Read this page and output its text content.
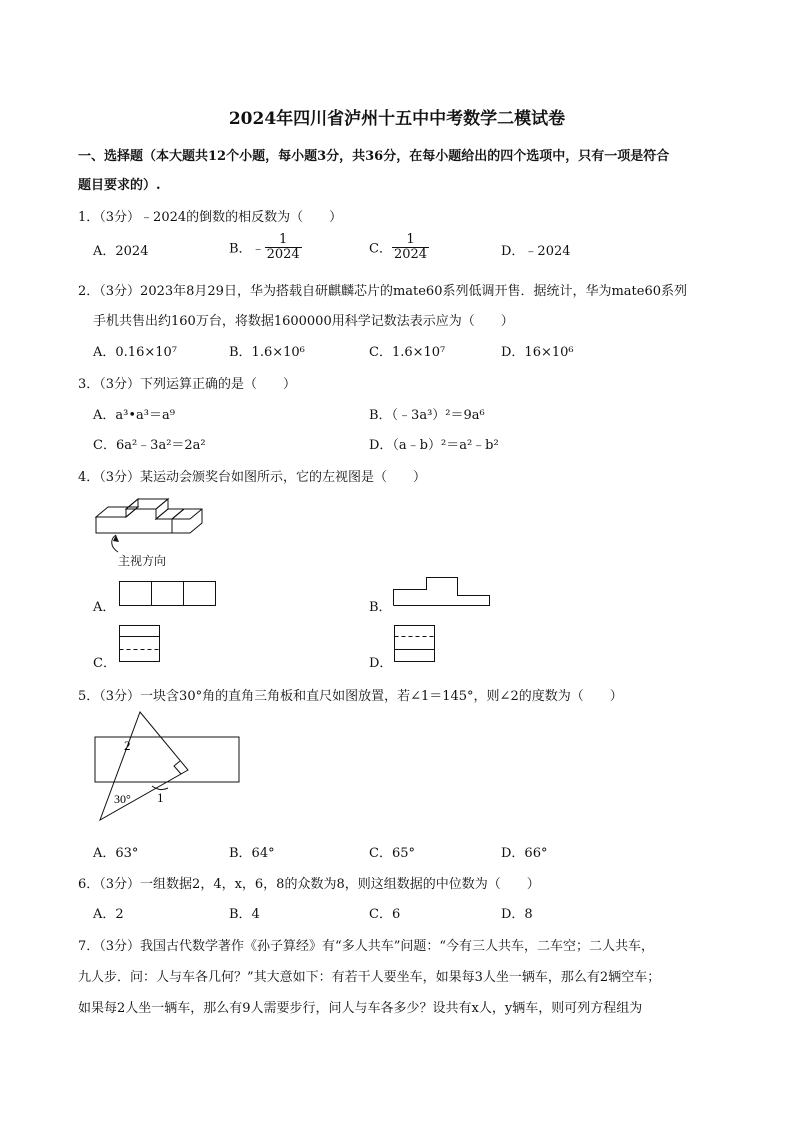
2024年四川省泸州十五中中考数学二模试卷
一、选择题（本大题共12个小题，每小题3分，共36分，在每小题给出的四个选项中，只有一项是符合
题目要求的）.
1．（3分）﹣2024的倒数的相反数为（　　）
A．2024	B．﹣ $\frac{1}{2024}$	C． $\frac{1}{2024}$	D．﹣2024
2．（3分）2023年8月29日，华为搭载自研麒麟芯片的mate60系列低调开售．据统计，华为mate60系列
手机共售出约160万台，将数据1600000用科学记数法表示应为（　　）
A．0.16×10⁷	B．1.6×10⁶	C．1.6×10⁷	D．16×10⁶
3．（3分）下列运算正确的是（　　）
A．a³•a³＝a⁹	B．（﹣3a³）²＝9a⁶
C．6a²﹣3a²＝2a²	D．（a﹣b）²＝a²﹣b²
4．（3分）某运动会颁奖台如图所示，它的左视图是（　　）
主视方向
A．	B．
C．	D．
5．（3分）一块含30°角的直角三角板和直尺如图放置，若∠1＝145°，则∠2的度数为（　　）
2
1
30°
A．63°	B．64°	C．65°	D．66°
6．（3分）一组数据2，4，x，6，8的众数为8，则这组数据的中位数为（　　）
A．2	B．4	C．6	D．8
7．（3分）我国古代数学著作《孙子算经》有“多人共车”问题：“今有三人共车，二车空；二人共车，
九人步．问：人与车各几何？”其大意如下：有若干人要坐车，如果每3人坐一辆车，那么有2辆空车；
如果每2人坐一辆车，那么有9人需要步行，问人与车各多少？设共有x人，y辆车，则可列方程组为
